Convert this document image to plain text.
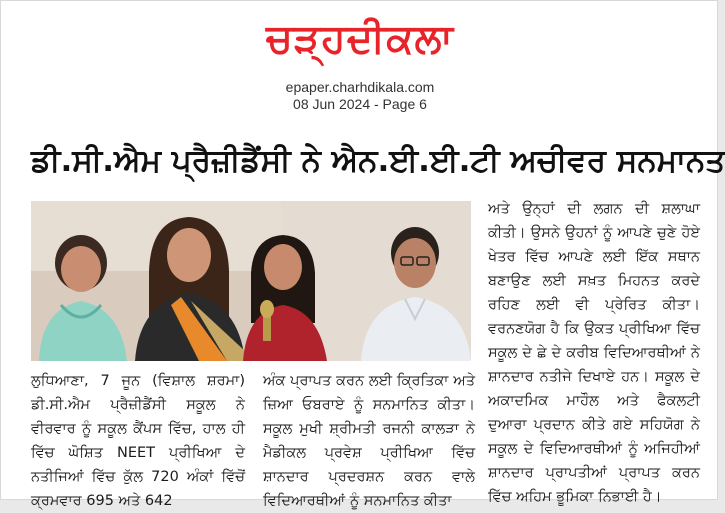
ਚੜ੍ਹਦੀਕਲਾ
epaper.charhdikala.com
08 Jun 2024 - Page 6
ਡੀ.ਸੀ.ਐਮ ਪ੍ਰੈਜ਼ੀਡੈਂਸੀ ਨੇ ਐਨ.ਈ.ਈ.ਟੀ ਅਚੀਵਰ ਸਨਮਾਨਤ

ਅਤੇ ਉਨ੍ਹਾਂ ਦੀ ਲਗਨ ਦੀ ਸ਼ਲਾਘਾ ਕੀਤੀ। ਉਸਨੇ ਉਹਨਾਂ ਨੂੰ ਆਪਣੇ ਚੁਣੇ ਹੋਏ ਖੇਤਰ ਵਿੱਚ ਆਪਣੇ ਲਈ ਇੱਕ ਸਥਾਨ ਬਣਾਉਣ ਲਈ ਸਖ਼ਤ ਮਿਹਨਤ ਕਰਦੇ ਰਹਿਣ ਲਈ ਵੀ ਪ੍ਰੇਰਿਤ ਕੀਤਾ। ਵਰਨਣਯੋਗ ਹੈ ਕਿ ਉਕਤ ਪ੍ਰੀਖਿਆ ਵਿੱਚ ਸਕੂਲ ਦੇ ਛੇ ਦੇ ਕਰੀਬ ਵਿਦਿਆਰਥੀਆਂ ਨੇ ਸ਼ਾਨਦਾਰ ਨਤੀਜੇ ਦਿਖਾਏ ਹਨ। ਸਕੂਲ ਦੇ ਅਕਾਦਮਿਕ ਮਾਹੌਲ ਅਤੇ ਫੈਕਲਟੀ ਦੁਆਰਾ ਪ੍ਰਦਾਨ ਕੀਤੇ ਗਏ ਸਹਿਯੋਗ ਨੇ ਸਕੂਲ ਦੇ ਵਿਦਿਆਰਥੀਆਂ ਨੂੰ ਅਜਿਹੀਆਂ ਸ਼ਾਨਦਾਰ ਪ੍ਰਾਪਤੀਆਂ ਪ੍ਰਾਪਤ ਕਰਨ ਵਿੱਚ ਅਹਿਮ ਭੂਮਿਕਾ ਨਿਭਾਈ ਹੈ।

ਲੁਧਿਆਣਾ, 7 ਜੂਨ (ਵਿਸ਼ਾਲ ਸ਼ਰਮਾ) ਡੀ.ਸੀ.ਐਮ ਪ੍ਰੈਜ਼ੀਡੈਂਸੀ ਸਕੂਲ ਨੇ ਵੀਰਵਾਰ ਨੂੰ ਸਕੂਲ ਕੈਂਪਸ ਵਿੱਚ, ਹਾਲ ਹੀ ਵਿੱਚ ਘੋਸ਼ਿਤ NEET ਪ੍ਰੀਖਿਆ ਦੇ ਨਤੀਜਿਆਂ ਵਿੱਚ ਕੁੱਲ 720 ਅੰਕਾਂ ਵਿੱਚੋਂ ਕ੍ਰਮਵਾਰ 695 ਅਤੇ 642

ਅੰਕ ਪ੍ਰਾਪਤ ਕਰਨ ਲਈ ਕ੍ਰਿਤਿਕਾ ਅਤੇ ਜ਼ਿਆ ਓਬਰਾਏ ਨੂੰ ਸਨਮਾਨਿਤ ਕੀਤਾ। ਸਕੂਲ ਮੁਖੀ ਸ਼੍ਰੀਮਤੀ ਰਜਨੀ ਕਾਲੜਾ ਨੇ ਮੈਡੀਕਲ ਪ੍ਰਵੇਸ਼ ਪ੍ਰੀਖਿਆ ਵਿੱਚ ਸ਼ਾਨਦਾਰ ਪ੍ਰਦਰਸ਼ਨ ਕਰਨ ਵਾਲੇ ਵਿਦਿਆਰਥੀਆਂ ਨੂੰ ਸਨਮਾਨਿਤ ਕੀਤਾ
